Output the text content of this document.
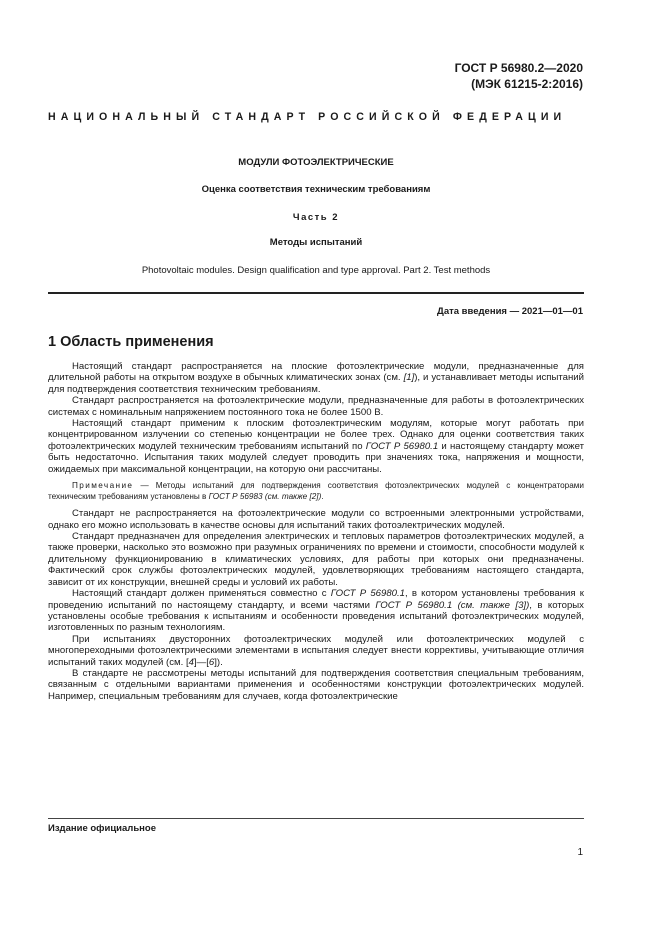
ГОСТ Р 56980.2—2020
(МЭК 61215-2:2016)
НАЦИОНАЛЬНЫЙ СТАНДАРТ РОССИЙСКОЙ ФЕДЕРАЦИИ
МОДУЛИ ФОТОЭЛЕКТРИЧЕСКИЕ
Оценка соответствия техническим требованиям
Часть 2
Методы испытаний
Photovoltaic modules. Design qualification and type approval. Part 2. Test methods
Дата введения — 2021—01—01
1 Область применения

Настоящий стандарт распространяется на плоские фотоэлектрические модули, предназначенные для длительной работы на открытом воздухе в обычных климатических зонах (см. [1]), и устанавливает методы испытаний для подтверждения соответствия техническим требованиям.

Стандарт распространяется на фотоэлектрические модули, предназначенные для работы в фотоэлектрических системах с номинальным напряжением постоянного тока не более 1500 В.

Настоящий стандарт применим к плоским фотоэлектрическим модулям, которые могут работать при концентрированном излучении со степенью концентрации не более трех. Однако для оценки соответствия таких фотоэлектрических модулей техническим требованиям испытаний по ГОСТ Р 56980.1 и настоящему стандарту может быть недостаточно. Испытания таких модулей следует проводить при значениях тока, напряжения и мощности, ожидаемых при максимальной концентрации, на которую они рассчитаны.

Примечание — Методы испытаний для подтверждения соответствия фотоэлектрических модулей с концентраторами техническим требованиям установлены в ГОСТ Р 56983 (см. также [2]).

Стандарт не распространяется на фотоэлектрические модули со встроенными электронными устройствами, однако его можно использовать в качестве основы для испытаний таких фотоэлектрических модулей.

Стандарт предназначен для определения электрических и тепловых параметров фотоэлектрических модулей, а также проверки, насколько это возможно при разумных ограничениях по времени и стоимости, способности модулей к длительному функционированию в климатических условиях, для работы при которых они предназначены. Фактический срок службы фотоэлектрических модулей, удовлетворяющих требованиям настоящего стандарта, зависит от их конструкции, внешней среды и условий их работы.

Настоящий стандарт должен применяться совместно с ГОСТ Р 56980.1, в котором установлены требования к проведению испытаний по настоящему стандарту, и всеми частями ГОСТ Р 56980.1 (см. также [3]), в которых установлены особые требования к испытаниям и особенности проведения испытаний фотоэлектрических модулей, изготовленных по разным технологиям.

При испытаниях двусторонних фотоэлектрических модулей или фотоэлектрических модулей с многопереходными фотоэлектрическими элементами в испытания следует внести коррективы, учитывающие отличия испытаний таких модулей (см. [4]—[6]).

В стандарте не рассмотрены методы испытаний для подтверждения соответствия специальным требованиям, связанным с отдельными вариантами применения и особенностями конструкции фотоэлектрических модулей. Например, специальным требованиям для случаев, когда фотоэлектрические

Издание официальное
1
